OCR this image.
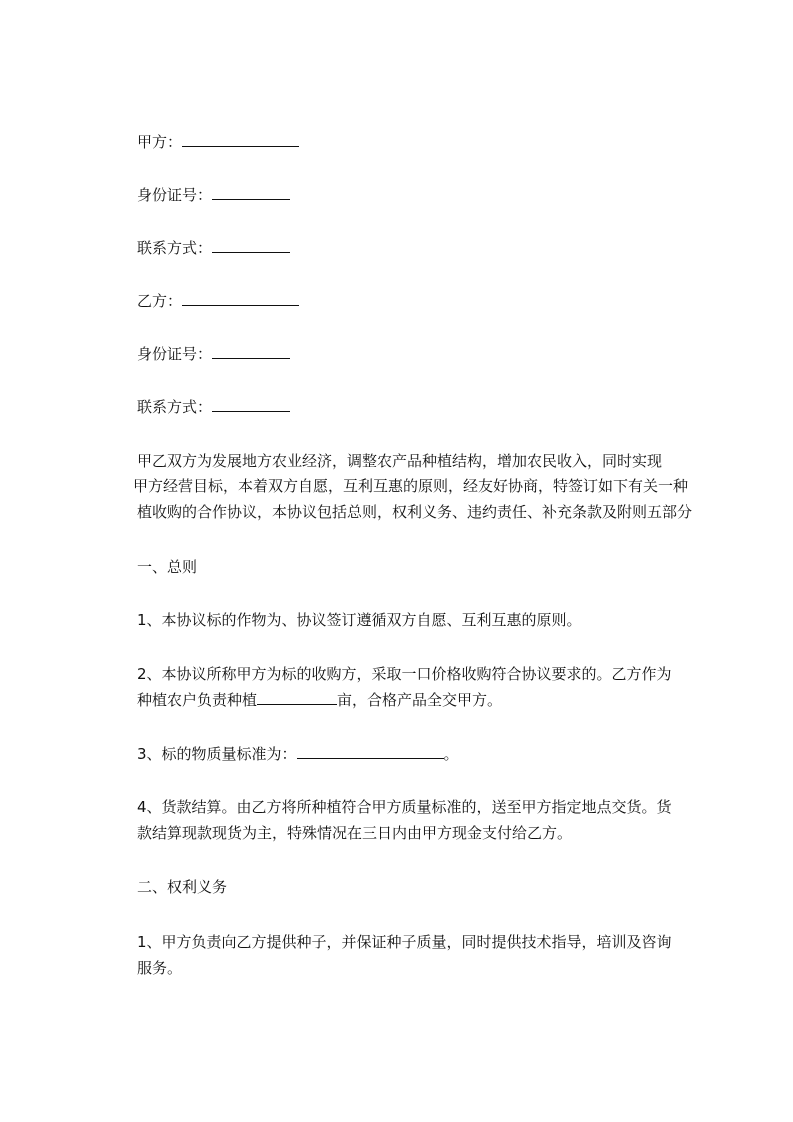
甲方：
身份证号：
联系方式：
乙方：
身份证号：
联系方式：
甲乙双方为发展地方农业经济，调整农产品种植结构，增加农民收入，同时实现
甲方经营目标，本着双方自愿，互利互惠的原则，经友好协商，特签订如下有关一种
植收购的合作协议，本协议包括总则，权利义务、违约责任、补充条款及附则五部分
一、总则
1、本协议标的作物为、协议签订遵循双方自愿、互利互惠的原则。
2、本协议所称甲方为标的收购方，采取一口价格收购符合协议要求的。乙方作为
种植农户负责种植	亩，合格产品全交甲方。
3、标的物质量标准为：	。
4、货款结算。由乙方将所种植符合甲方质量标准的，送至甲方指定地点交货。货
款结算现款现货为主，特殊情况在三日内由甲方现金支付给乙方。
二、权利义务
1、甲方负责向乙方提供种子，并保证种子质量，同时提供技术指导，培训及咨询
服务。
